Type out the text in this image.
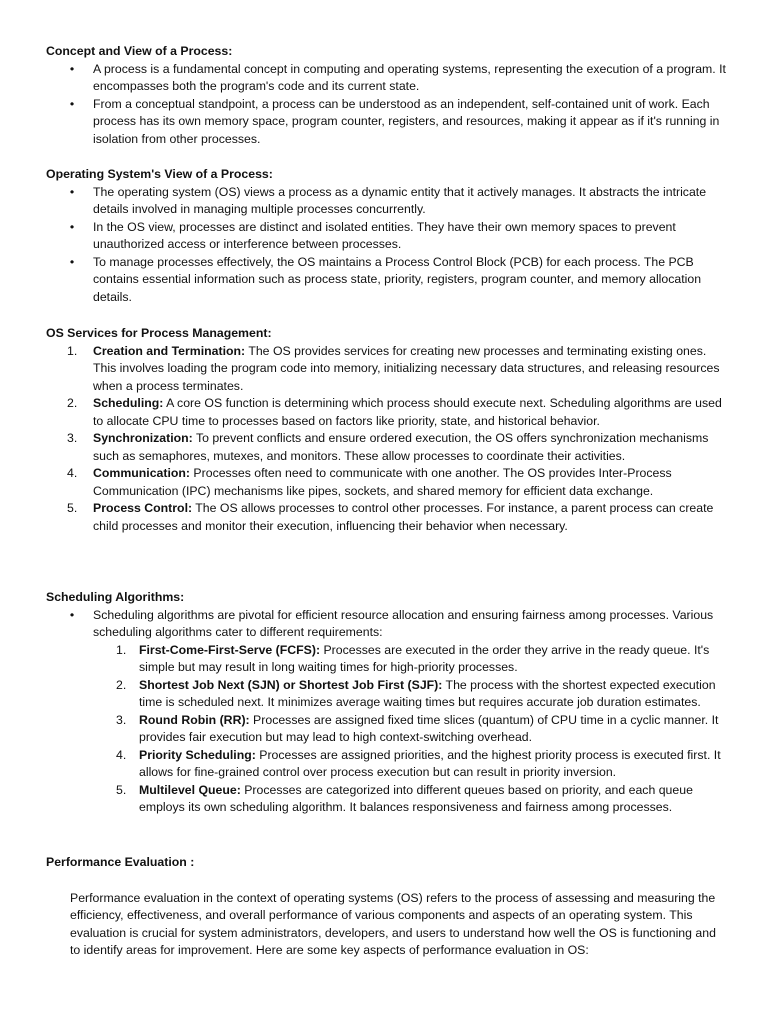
Concept and View of a Process:
• A process is a fundamental concept in computing and operating systems, representing the execution of a program. It encompasses both the program's code and its current state.
• From a conceptual standpoint, a process can be understood as an independent, self-contained unit of work. Each process has its own memory space, program counter, registers, and resources, making it appear as if it's running in isolation from other processes.
Operating System's View of a Process:
• The operating system (OS) views a process as a dynamic entity that it actively manages. It abstracts the intricate details involved in managing multiple processes concurrently.
• In the OS view, processes are distinct and isolated entities. They have their own memory spaces to prevent unauthorized access or interference between processes.
• To manage processes effectively, the OS maintains a Process Control Block (PCB) for each process. The PCB contains essential information such as process state, priority, registers, program counter, and memory allocation details.
OS Services for Process Management:
1.	Creation and Termination: The OS provides services for creating new processes and terminating existing ones. This involves loading the program code into memory, initializing necessary data structures, and releasing resources when a process terminates.
2.	Scheduling: A core OS function is determining which process should execute next. Scheduling algorithms are used to allocate CPU time to processes based on factors like priority, state, and historical behavior.
3.	Synchronization: To prevent conflicts and ensure ordered execution, the OS offers synchronization mechanisms such as semaphores, mutexes, and monitors. These allow processes to coordinate their activities.
4.	Communication: Processes often need to communicate with one another. The OS provides Inter-Process Communication (IPC) mechanisms like pipes, sockets, and shared memory for efficient data exchange.
5.	Process Control: The OS allows processes to control other processes. For instance, a parent process can create child processes and monitor their execution, influencing their behavior when necessary.
Scheduling Algorithms:
• Scheduling algorithms are pivotal for efficient resource allocation and ensuring fairness among processes. Various scheduling algorithms cater to different requirements:
1.	First-Come-First-Serve (FCFS): Processes are executed in the order they arrive in the ready queue. It's simple but may result in long waiting times for high-priority processes.
2.	Shortest Job Next (SJN) or Shortest Job First (SJF): The process with the shortest expected execution time is scheduled next. It minimizes average waiting times but requires accurate job duration estimates.
3.	Round Robin (RR): Processes are assigned fixed time slices (quantum) of CPU time in a cyclic manner. It provides fair execution but may lead to high context-switching overhead.
4.	Priority Scheduling: Processes are assigned priorities, and the highest priority process is executed first. It allows for fine-grained control over process execution but can result in priority inversion.
5.	Multilevel Queue: Processes are categorized into different queues based on priority, and each queue employs its own scheduling algorithm. It balances responsiveness and fairness among processes.
Performance Evaluation :

Performance evaluation in the context of operating systems (OS) refers to the process of assessing and measuring the efficiency, effectiveness, and overall performance of various components and aspects of an operating system. This evaluation is crucial for system administrators, developers, and users to understand how well the OS is functioning and to identify areas for improvement. Here are some key aspects of performance evaluation in OS:
